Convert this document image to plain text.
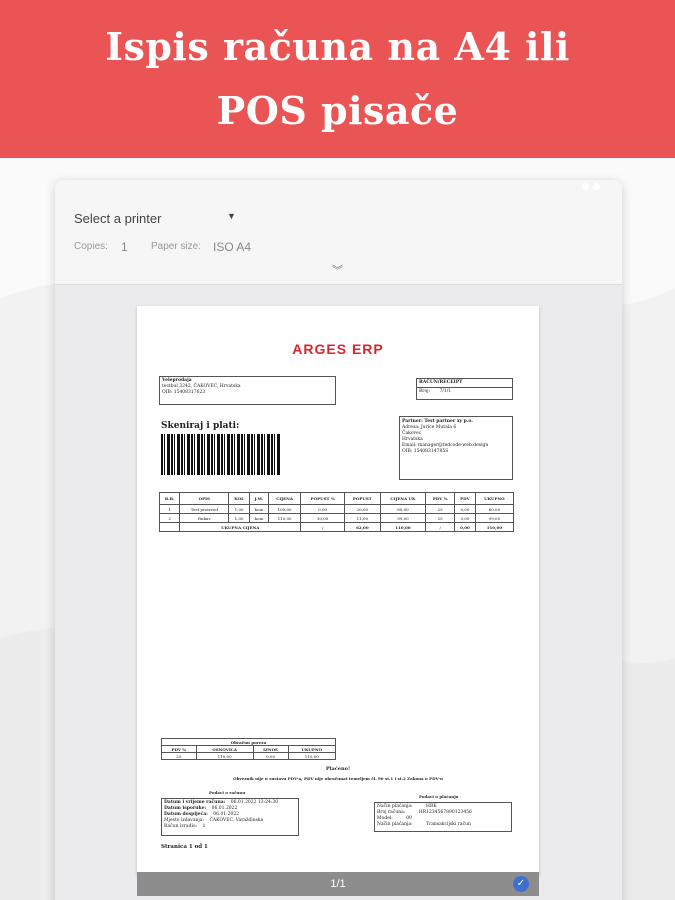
Ispis računa na A4 ili
POS pisače
Select a printer	▼
Copies: 1 Paper size: ISO A4
︾
ARGES ERP
Veleprodaja
testbul 3242, ČAKOVEC, Hrvatska
OIB: 15408317623
RAČUN/RECEIPT
Broj: 7/1/1
Skeniraj i plati:	Partner: Test partner xy p.o.
Adresa: Jurice Mutala 6
Čakovec
Hrvatska
Email: manager@tedcode-web.design
OIB: 15408314785S
R.B.	OPIS	KOL	J.M.	CIJENA	POPUST %	POPUST	CIJENA UK	PDV %	PDV	UKUPNO
1	Test proizvod	1,00	kom	100,00	0,00	20,00	80,00	25	0,00	80,00
2	Rukav	1,00	kom	110,00	10,00	11,00	99,00	25	0,00	99,00
	UKUPNA CIJENA				/	62,00	110,00	/	0,00	110,00
Obračun poreza			
PDV %	OSNOVICA	IZNOS	UKUPNO
25	110,00	0,00	110,00
Plaćeno!
Obveznik nije u sustavu PDV-a, PDV nije obračunat temeljem čl. 90 st.1 i st.2 Zakona o PDV-u
Podaci o računu
Datum i vrijeme računa: 06.01.2022 13:24:30
Datum isporuke: 06.01.2022
Datum dospijeća: 06.01.2022
Mjesto izdavanja: ČAKOVEC, Varaždinska
Račun izradio: 1
Podaci o plaćanju
Način plaćanja:	HRK
Broj računa:	HR1234567890123456
Model:	00
Način plaćanja:	Transakcijski račun
Stranica 1 od 1
1/1	✓
